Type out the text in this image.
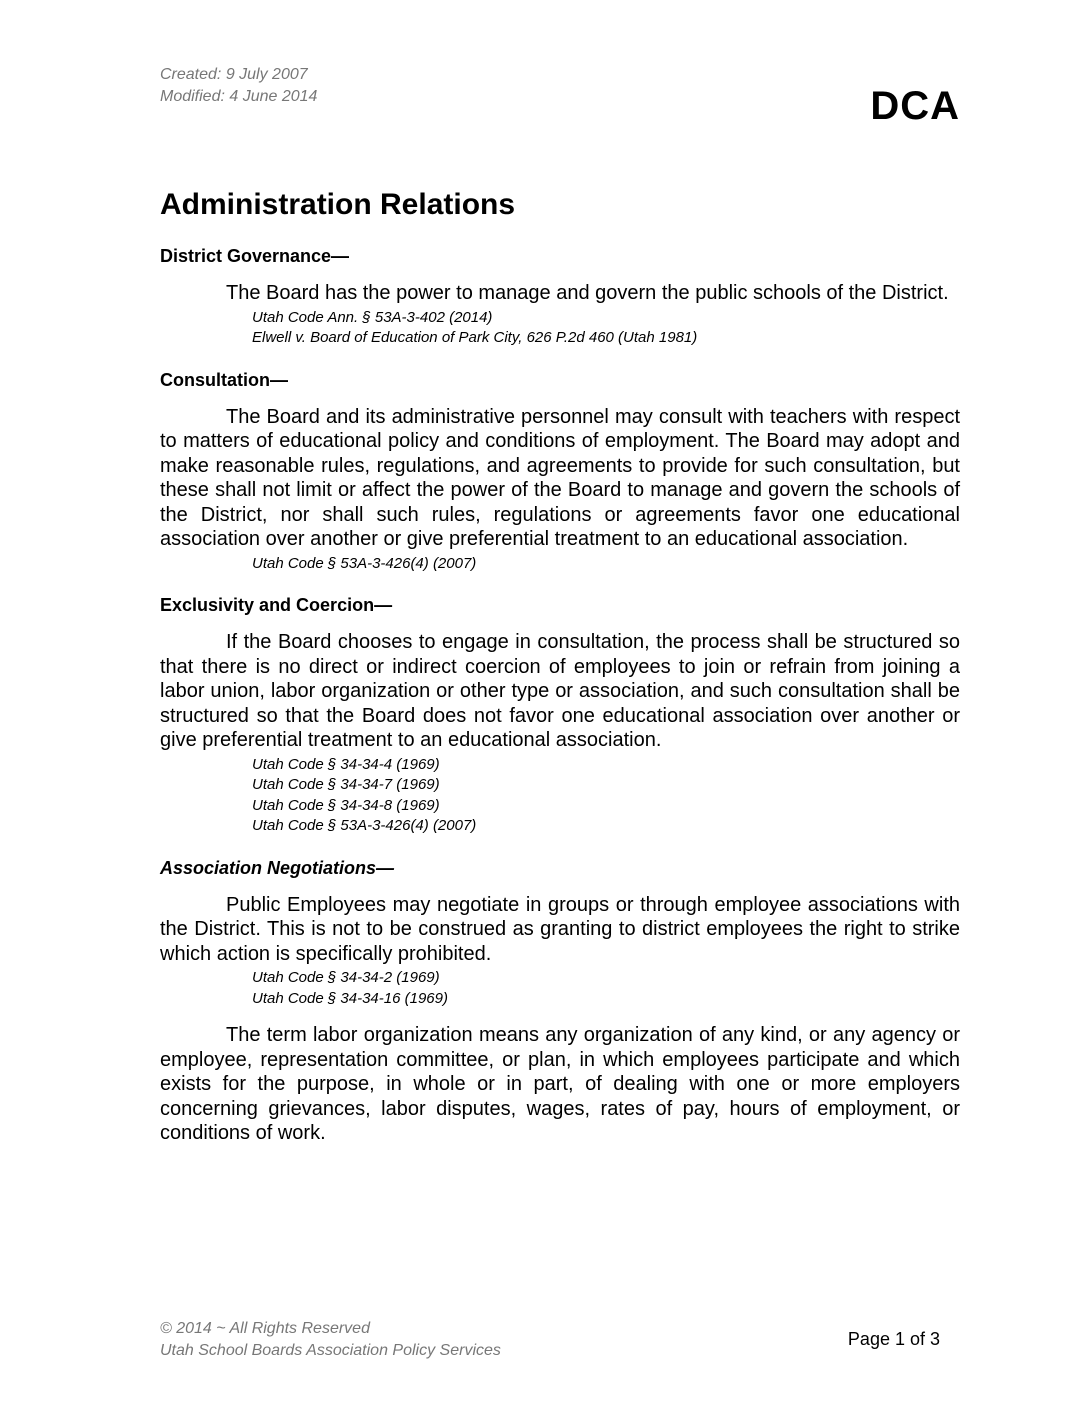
Created: 9 July 2007
Modified: 4 June 2014	DCA
Administration Relations
District Governance—

The Board has the power to manage and govern the public schools of the District.

Utah Code Ann. § 53A-3-402 (2014)
Elwell v. Board of Education of Park City, 626 P.2d 460 (Utah 1981)
Consultation—

The Board and its administrative personnel may consult with teachers with respect to matters of educational policy and conditions of employment. The Board may adopt and make reasonable rules, regulations, and agreements to provide for such consultation, but these shall not limit or affect the power of the Board to manage and govern the schools of the District, nor shall such rules, regulations or agreements favor one educational association over another or give preferential treatment to an educational association.

Utah Code § 53A-3-426(4) (2007)
Exclusivity and Coercion—

If the Board chooses to engage in consultation, the process shall be structured so that there is no direct or indirect coercion of employees to join or refrain from joining a labor union, labor organization or other type or association, and such consultation shall be structured so that the Board does not favor one educational association over another or give preferential treatment to an educational association.

Utah Code § 34-34-4 (1969)
Utah Code § 34-34-7 (1969)
Utah Code § 34-34-8 (1969)
Utah Code § 53A-3-426(4) (2007)
Association Negotiations—

Public Employees may negotiate in groups or through employee associations with the District. This is not to be construed as granting to district employees the right to strike which action is specifically prohibited.

Utah Code § 34-34-2 (1969)
Utah Code § 34-34-16 (1969)

The term labor organization means any organization of any kind, or any agency or employee, representation committee, or plan, in which employees participate and which exists for the purpose, in whole or in part, of dealing with one or more employers concerning grievances, labor disputes, wages, rates of pay, hours of employment, or conditions of work.

© 2014 ~ All Rights Reserved
Utah School Boards Association Policy Services
Page 1 of 3
